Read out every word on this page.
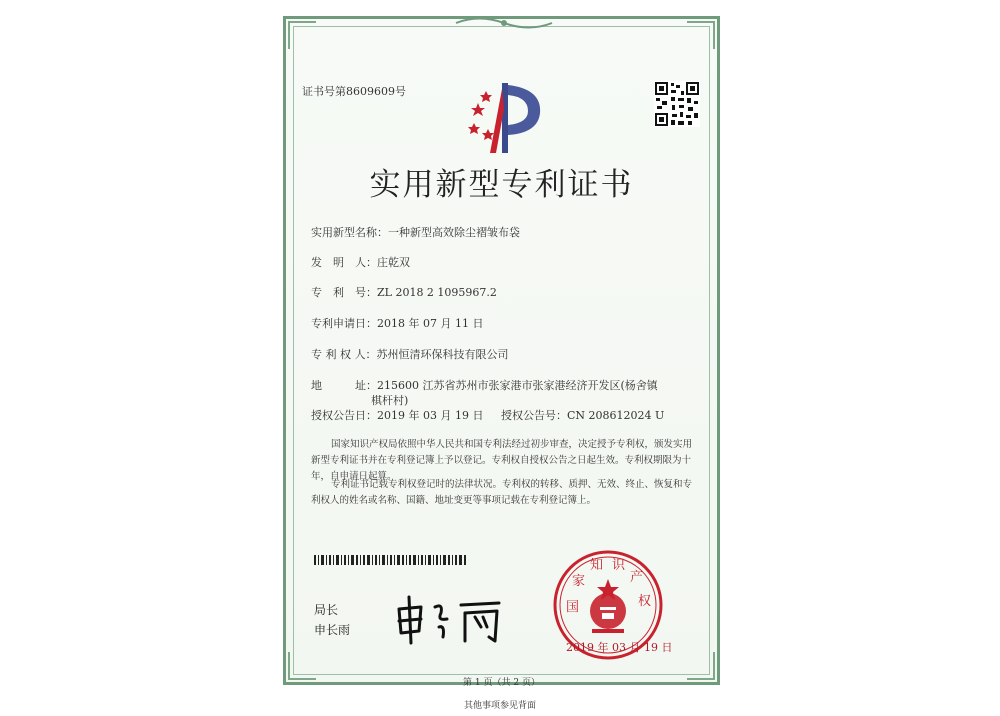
证书号第8609609号
实用新型专利证书
实用新型名称：一种新型高效除尘褶皱布袋
发　明　人：庄乾双
专　利　号：ZL 2018 2 1095967.2
专利申请日：2018 年 07 月 11 日
专 利 权 人：苏州恒清环保科技有限公司
地　　　址：215600 江苏省苏州市张家港市张家港经济开发区(杨舍镇
棋杆村)
授权公告日：2019 年 03 月 19 日 授权公告号：CN 208612024 U
国家知识产权局依照中华人民共和国专利法经过初步审查，决定授予专利权，颁发实用
新型专利证书并在专利登记簿上予以登记。专利权自授权公告之日起生效。专利权期限为十
年，自申请日起算。
专利证书记载专利权登记时的法律状况。专利权的转移、质押、无效、终止、恢复和专
利权人的姓名或名称、国籍、地址变更等事项记载在专利登记簿上。
局长
申长雨
国
家
知 识
产
权
2019 年 03 月 19 日
第 1 页（共 2 页）
其他事项参见背面
